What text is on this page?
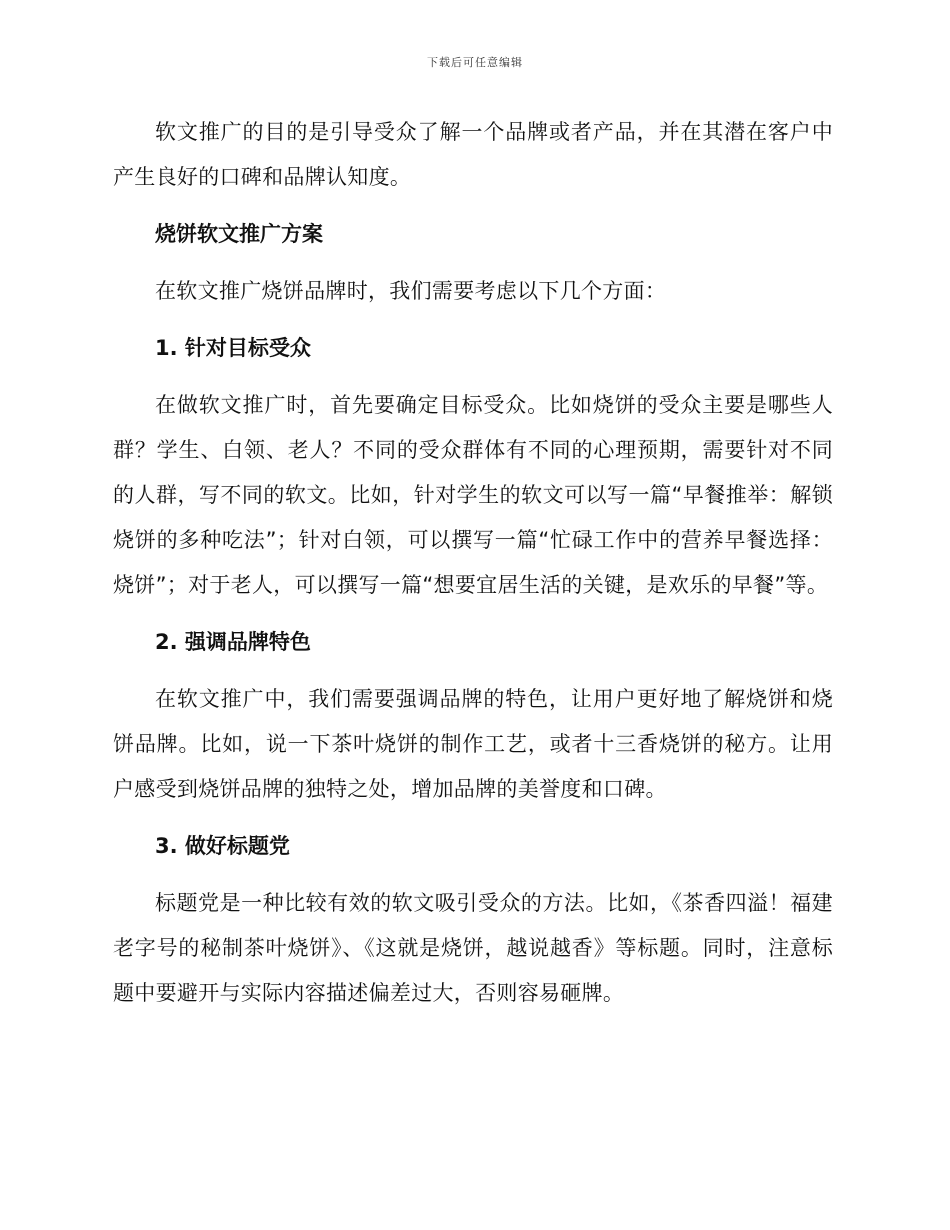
下载后可任意编辑

软文推广的目的是引导受众了解一个品牌或者产品，并在其潜在客户中产生良好的口碑和品牌认知度。

烧饼软文推广方案

在软文推广烧饼品牌时，我们需要考虑以下几个方面：

1. 针对目标受众

在做软文推广时，首先要确定目标受众。比如烧饼的受众主要是哪些人群？学生、白领、老人？不同的受众群体有不同的心理预期，需要针对不同的人群，写不同的软文。比如，针对学生的软文可以写一篇“早餐推举：解锁烧饼的多种吃法”；针对白领，可以撰写一篇“忙碌工作中的营养早餐选择：烧饼”；对于老人，可以撰写一篇“想要宜居生活的关键，是欢乐的早餐”等。

2. 强调品牌特色

在软文推广中，我们需要强调品牌的特色，让用户更好地了解烧饼和烧饼品牌。比如，说一下茶叶烧饼的制作工艺，或者十三香烧饼的秘方。让用户感受到烧饼品牌的独特之处，增加品牌的美誉度和口碑。

3. 做好标题党

标题党是一种比较有效的软文吸引受众的方法。比如，《茶香四溢！福建老字号的秘制茶叶烧饼》、《这就是烧饼，越说越香》等标题。同时，注意标题中要避开与实际内容描述偏差过大，否则容易砸牌。
